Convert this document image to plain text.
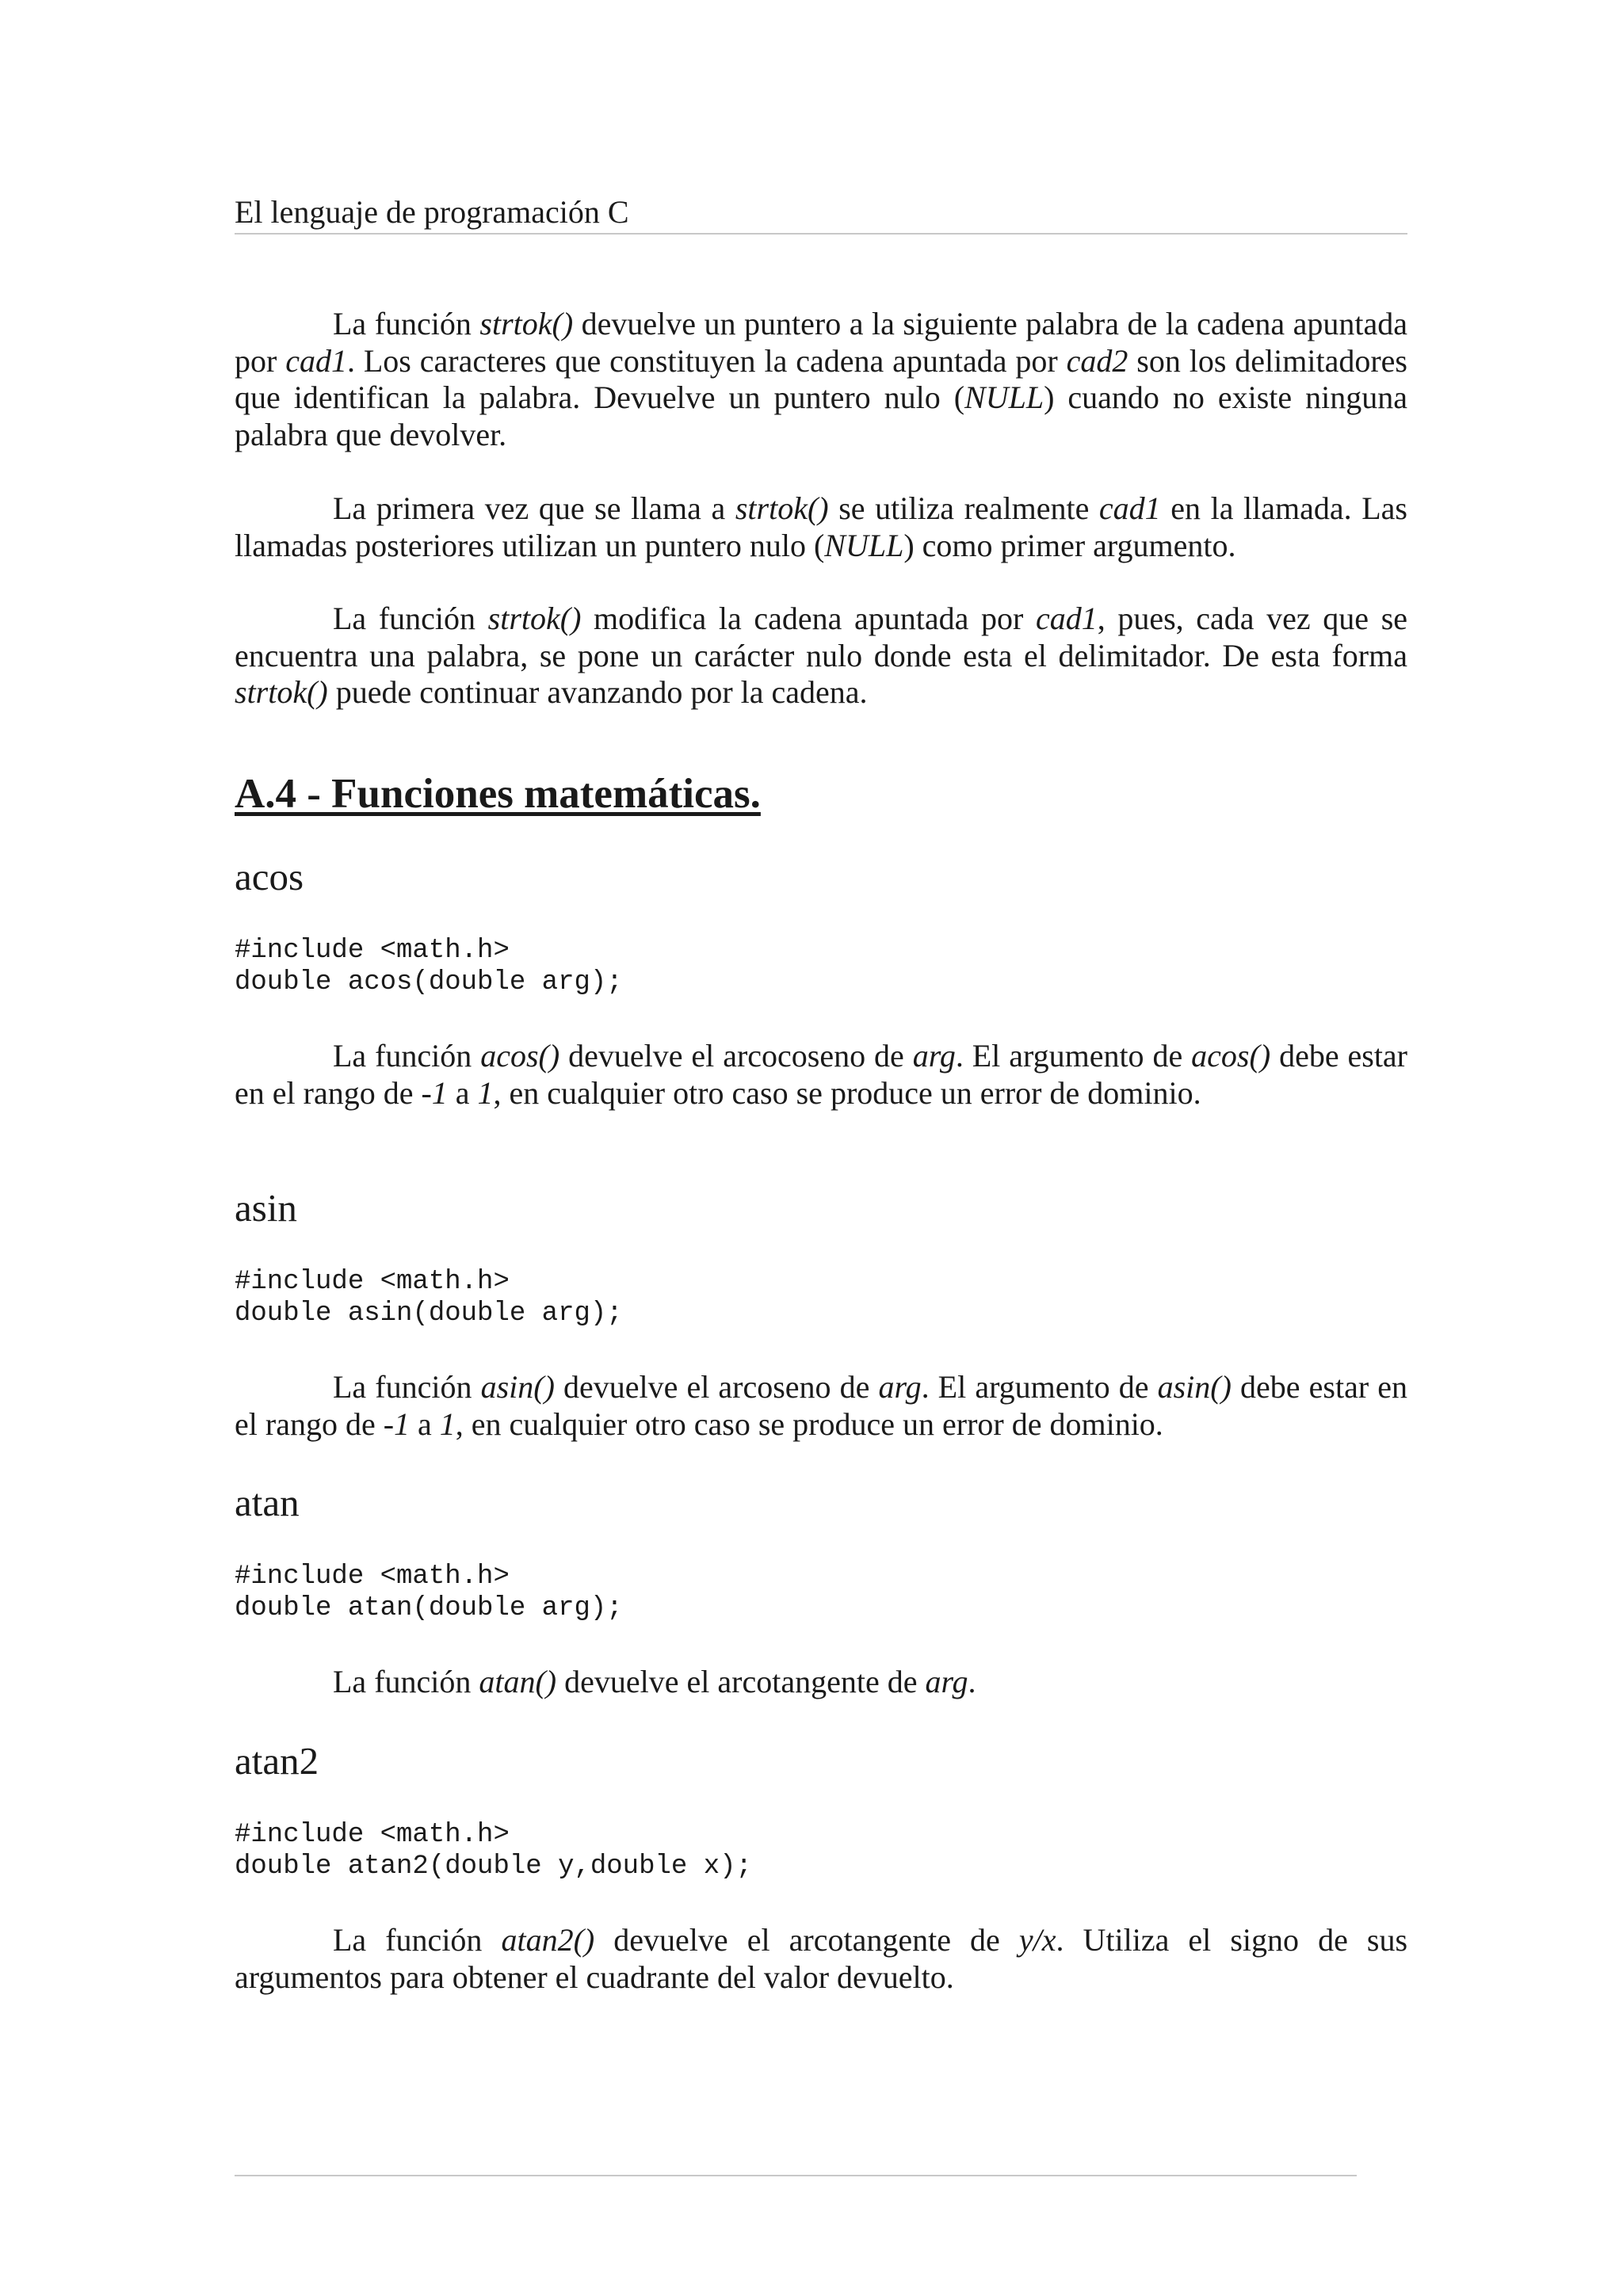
El lenguaje de programación C

La función strtok() devuelve un puntero a la siguiente palabra de la cadena apuntada por cad1. Los caracteres que constituyen la cadena apuntada por cad2 son los delimitadores que identifican la palabra. Devuelve un puntero nulo (NULL) cuando no existe ninguna palabra que devolver.

La primera vez que se llama a strtok() se utiliza realmente cad1 en la llamada. Las llamadas posteriores utilizan un puntero nulo (NULL) como primer argumento.

La función strtok() modifica la cadena apuntada por cad1, pues, cada vez que se encuentra una palabra, se pone un carácter nulo donde esta el delimitador. De esta forma strtok() puede continuar avanzando por la cadena.

A.4 - Funciones matemáticas.
acos
#include <math.h>
double acos(double arg);

La función acos() devuelve el arcocoseno de arg. El argumento de acos() debe estar en el rango de -1 a 1, en cualquier otro caso se produce un error de dominio.

asin
#include <math.h>
double asin(double arg);

La función asin() devuelve el arcoseno de arg. El argumento de asin() debe estar en el rango de -1 a 1, en cualquier otro caso se produce un error de dominio.

atan
#include <math.h>
double atan(double arg);

La función atan() devuelve el arcotangente de arg.

atan2
#include <math.h>
double atan2(double y,double x);

La función atan2() devuelve el arcotangente de y/x. Utiliza el signo de sus argumentos para obtener el cuadrante del valor devuelto.
